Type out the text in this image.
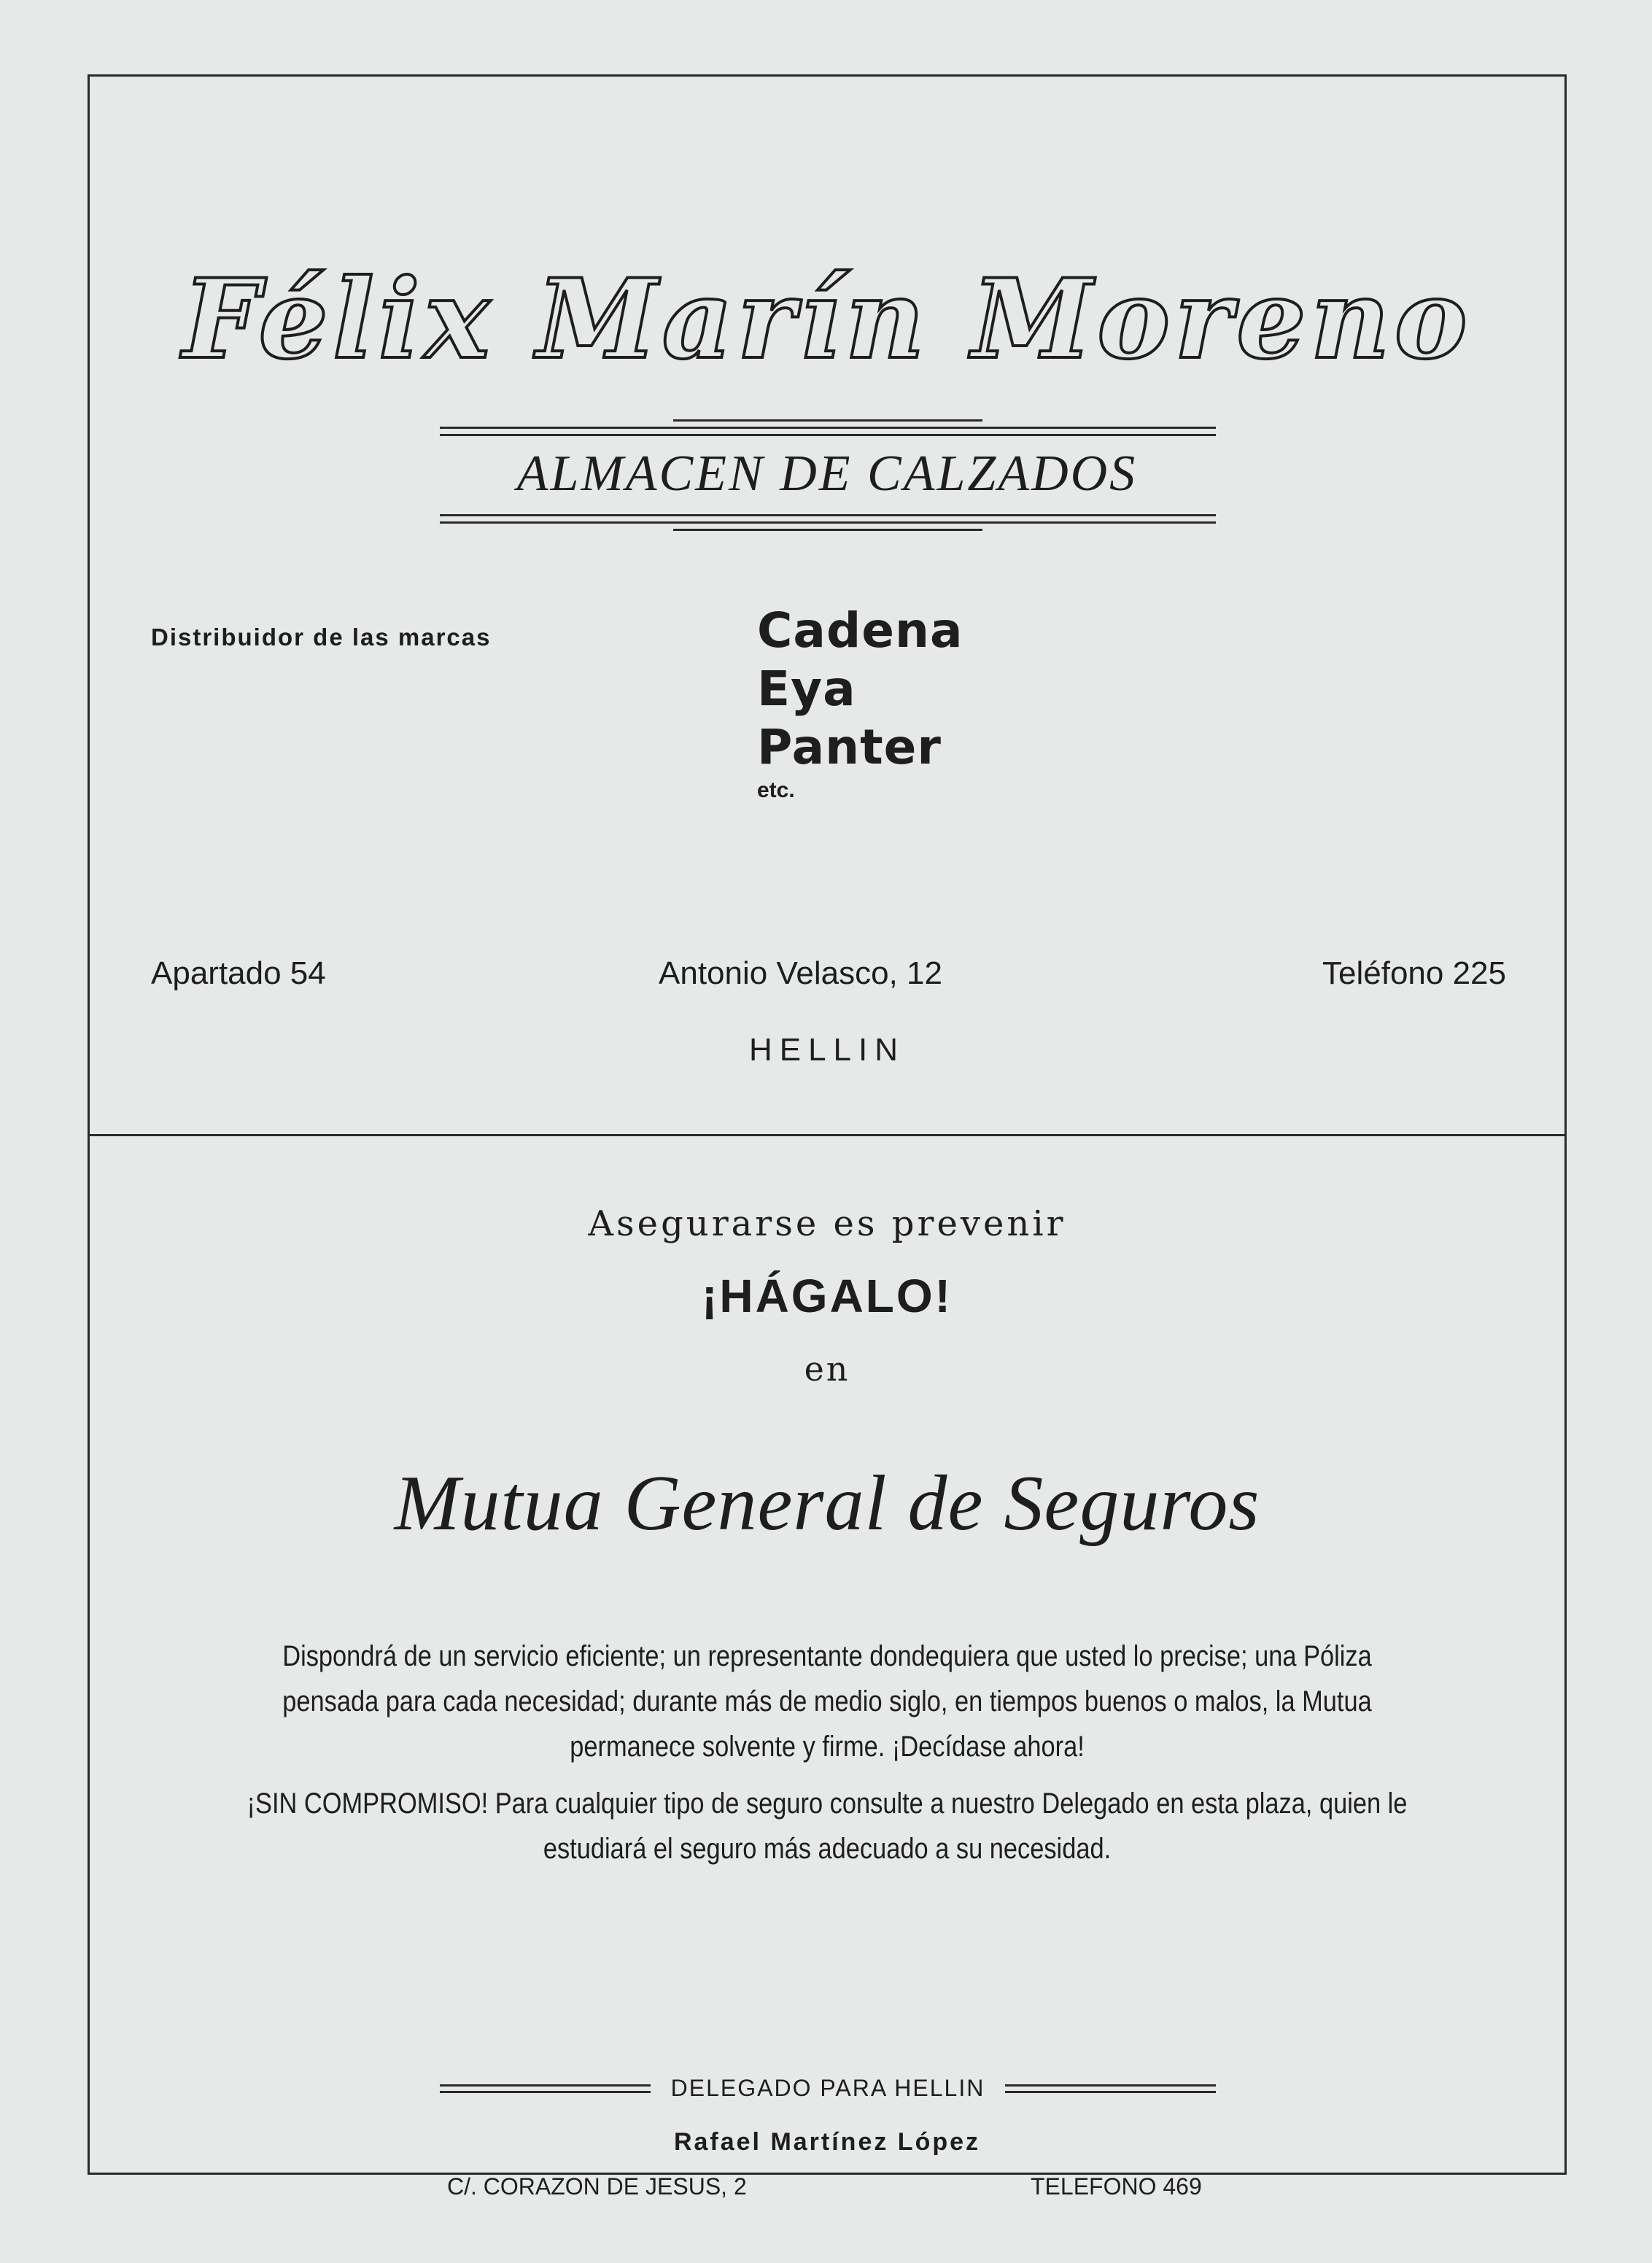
Félix Marín Moreno
ALMACEN DE CALZADOS
Distribuidor de las marcas	Cadena
Eya
Panter
etc.
Apartado 54	Antonio Velasco, 12	Teléfono 225
HELLIN
Asegurarse es prevenir
¡HÁGALO!
en
Mutua General de Seguros

Dispondrá de un servicio eficiente; un representante dondequiera que usted lo precise; una Póliza pensada para cada necesidad; durante más de medio siglo, en tiempos buenos o malos, la Mutua permanece solvente y firme. ¡Decídase ahora!

¡SIN COMPROMISO! Para cualquier tipo de seguro consulte a nuestro Delegado en esta plaza, quien le estudiará el seguro más adecuado a su necesidad.

DELEGADO PARA HELLIN
Rafael Martínez López
C/. CORAZON DE JESUS, 2	TELEFONO 469
